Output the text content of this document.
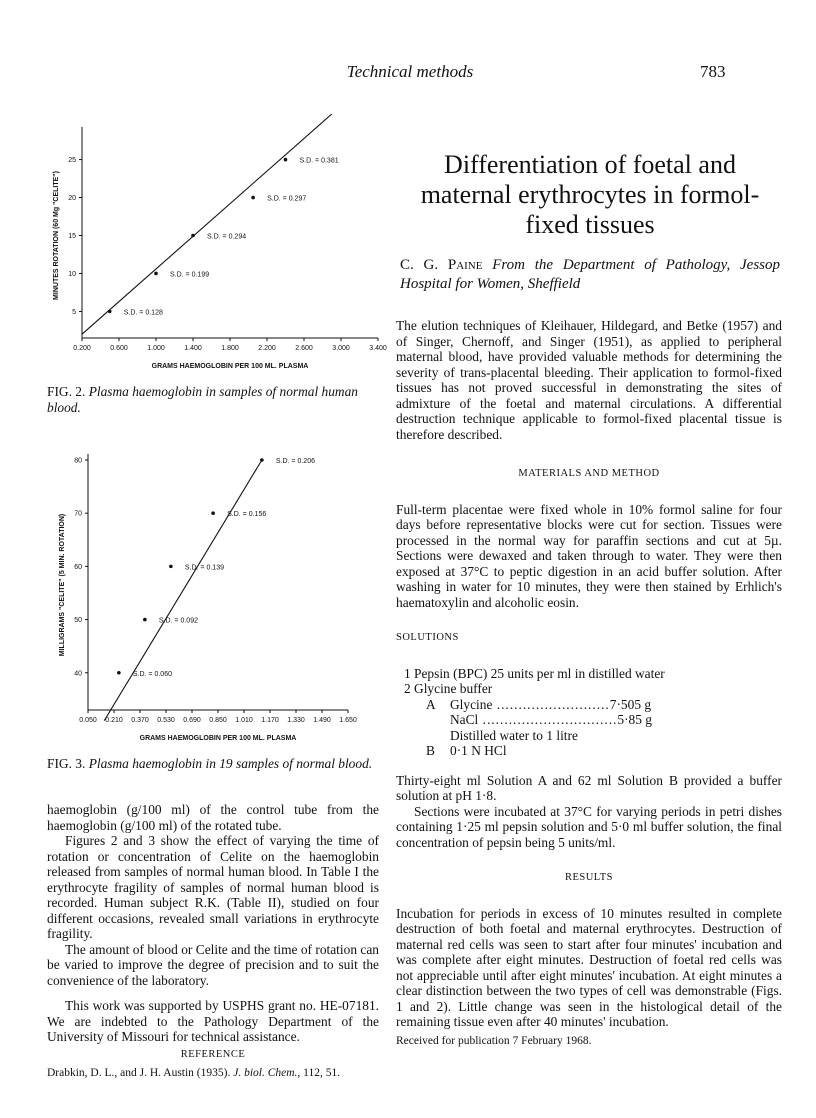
Technical methods	783
0.200	0.600	1.000	1.400	1.800	2.200	2.600	3.000	3.400
5
10
15
20
25
S.D. = 0.128
S.D. = 0.199
S.D. = 0.294
S.D. = 0.297
S.D. = 0.381
GRAMS HAEMOGLOBIN PER 100 ML. PLASMA
MINUTES ROTATION (60 Mg "CELITE")
FIG. 2. Plasma haemoglobin in samples of normal human blood.
0.050 0.210 0.370 0.530 0.690 0.850 1.010 1.170 1.330 1.490 1.650
40
50
60
70
80
S.D. = 0.060
S.D. = 0.092
S.D. = 0.139
S.D. = 0.156
S.D. = 0.206
GRAMS HAEMOGLOBIN PER 100 ML. PLASMA
MILLIGRAMS "CELITE" (5 MIN. ROTATION)
FIG. 3. Plasma haemoglobin in 19 samples of normal blood.

haemoglobin (g/100 ml) of the control tube from the haemoglobin (g/100 ml) of the rotated tube.

Figures 2 and 3 show the effect of varying the time of rotation or concentration of Celite on the haemoglobin released from samples of normal human blood. In Table I the erythrocyte fragility of samples of normal human blood is recorded. Human subject R.K. (Table II), studied on four different occasions, revealed small variations in erythrocyte fragility.

The amount of blood or Celite and the time of rotation can be varied to improve the degree of precision and to suit the convenience of the laboratory.

This work was supported by USPHS grant no. HE-07181. We are indebted to the Pathology Department of the University of Missouri for technical assistance.

REFERENCE
Drabkin, D. L., and J. H. Austin (1935). J. biol. Chem., 112, 51.
Differentiation of foetal and maternal erythrocytes in formol-fixed tissues
C. G. Paine From the Department of Pathology, Jessop Hospital for Women, Sheffield

The elution techniques of Kleihauer, Hildegard, and Betke (1957) and of Singer, Chernoff, and Singer (1951), as applied to peripheral maternal blood, have provided valuable methods for determining the severity of trans-placental bleeding. Their application to formol-fixed tissues has not proved successful in demonstrating the sites of admixture of the foetal and maternal circulations. A differential destruction technique applicable to formol-fixed placental tissue is therefore described.

MATERIALS AND METHOD

Full-term placentae were fixed whole in 10% formol saline for four days before representative blocks were cut for section. Tissues were processed in the normal way for paraffin sections and cut at 5µ. Sections were dewaxed and taken through to water. They were then exposed at 37°C to peptic digestion in an acid buffer solution. After washing in water for 10 minutes, they were then stained by Erhlich's haematoxylin and alcoholic eosin.

SOLUTIONS
1 Pepsin (BPC) 25 units per ml in distilled water
2 Glycine buffer
A Glycine ..........................7·505 g
NaCl ...............................5·85 g
Distilled water to 1 litre
B 0·1 N HCl

Thirty-eight ml Solution A and 62 ml Solution B provided a buffer solution at pH 1·8.

Sections were incubated at 37°C for varying periods in petri dishes containing 1·25 ml pepsin solution and 5·0 ml buffer solution, the final concentration of pepsin being 5 units/ml.

RESULTS

Incubation for periods in excess of 10 minutes resulted in complete destruction of both foetal and maternal erythrocytes. Destruction of maternal red cells was seen to start after four minutes' incubation and was complete after eight minutes. Destruction of foetal red cells was not appreciable until after eight minutes' incubation. At eight minutes a clear distinction between the two types of cell was demonstrable (Figs. 1 and 2). Little change was seen in the histological detail of the remaining tissue even after 40 minutes' incubation.

Received for publication 7 February 1968.
